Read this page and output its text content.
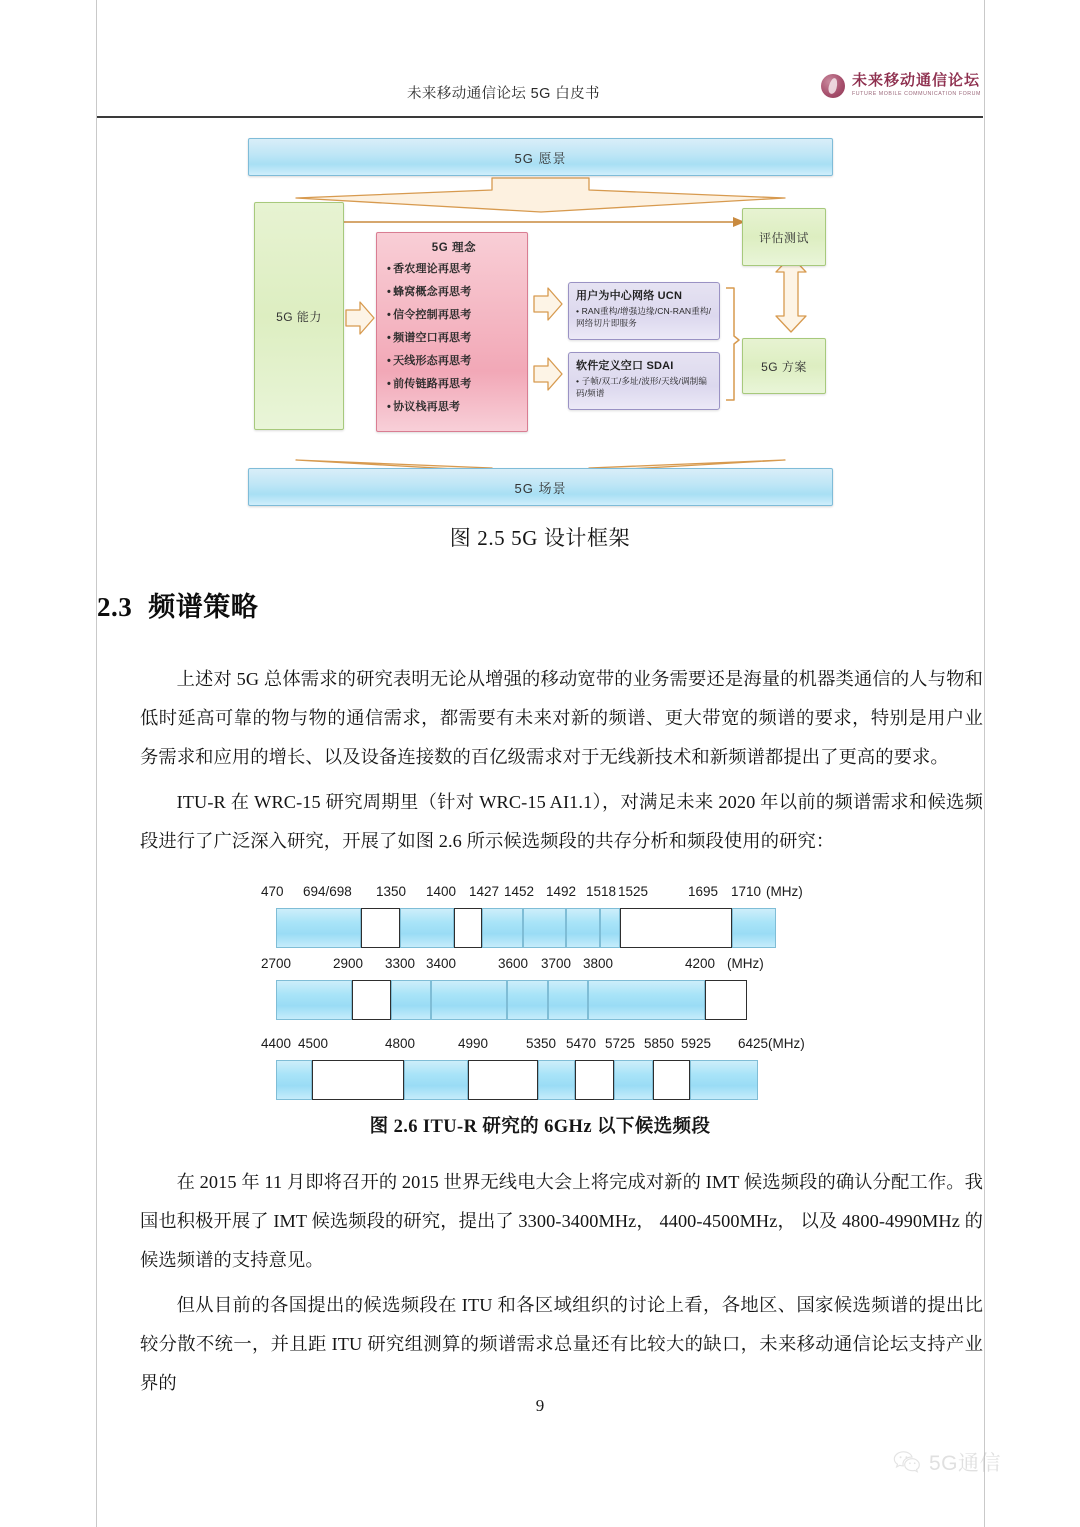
未来移动通信论坛 5G 白皮书
未来移动通信论坛
FUTURE MOBILE COMMUNICATION FORUM
5G 愿景
5G 能力
5G 理念
• 香农理论再思考
• 蜂窝概念再思考
• 信令控制再思考
• 频谱空口再思考
• 天线形态再思考
• 前传链路再思考
• 协议栈再思考
用户为中心网络 UCN
• RAN重构/增强边缘/CN-RAN重构/网络切片即服务
软件定义空口 SDAI
• 子帧/双工/多址/波形/天线/调制编码/频谱
评估测试
5G 方案
5G 场景
图 2.5 5G 设计框架
2.3 频谱策略
上述对 5G 总体需求的研究表明无论从增强的移动宽带的业务需要还是海量的机器类通信的人与物和低时延高可靠的物与物的通信需求，都需要有未来对新的频谱、更大带宽的频谱的要求，特别是用户业务需求和应用的增长、以及设备连接数的百亿级需求对于无线新技术和新频谱都提出了更高的要求。
ITU-R 在 WRC-15 研究周期里（针对 WRC-15 AI1.1），对满足未来 2020 年以前的频谱需求和候选频段进行了广泛深入研究，开展了如图 2.6 所示候选频段的共存分析和频段使用的研究：
470 694/698 1350 1400 1427 1452 1492 1518 1525	1695 1710 (MHz)
2700	2900 3300 3400	3600 3700 3800	4200 (MHz)
4400 4500	4800	4990	5350 5470 5725 5850 5925 6425(MHz)
图 2.6 ITU-R 研究的 6GHz 以下候选频段
在 2015 年 11 月即将召开的 2015 世界无线电大会上将完成对新的 IMT 候选频段的确认分配工作。我国也积极开展了 IMT 候选频段的研究，提出了 3300-3400MHz， 4400-4500MHz， 以及 4800-4990MHz 的候选频谱的支持意见。
但从目前的各国提出的候选频段在 ITU 和各区域组织的讨论上看，各地区、国家候选频谱的提出比较分散不统一，并且距 ITU 研究组测算的频谱需求总量还有比较大的缺口，未来移动通信论坛支持产业界的
9
5G通信
